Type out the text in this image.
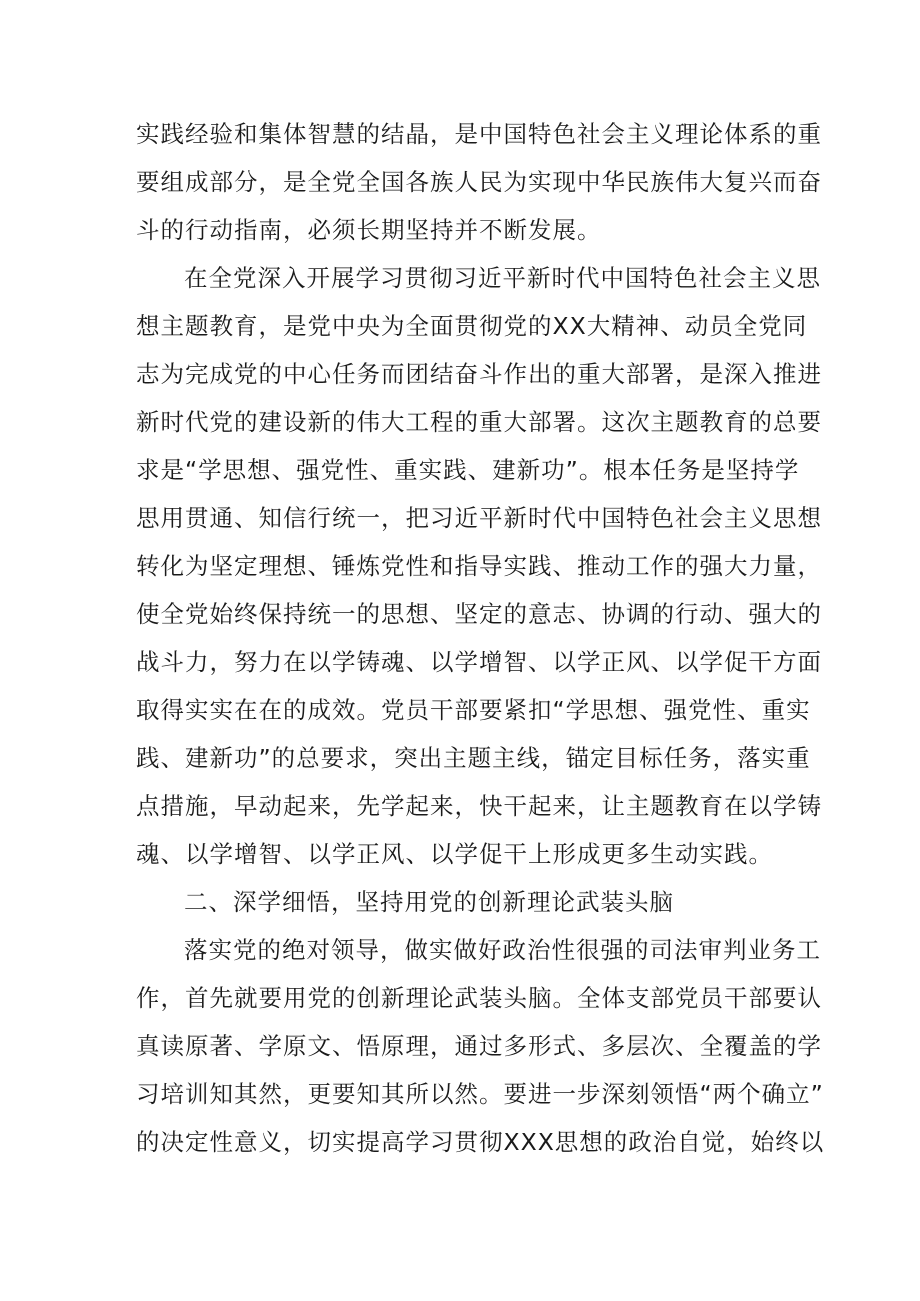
实践经验和集体智慧的结晶，是中国特色社会主义理论体系的重
要组成部分，是全党全国各族人民为实现中华民族伟大复兴而奋
斗的行动指南，必须长期坚持并不断发展。
在全党深入开展学习贯彻习近平新时代中国特色社会主义思
想主题教育，是党中央为全面贯彻党的XX大精神、动员全党同
志为完成党的中心任务而团结奋斗作出的重大部署，是深入推进
新时代党的建设新的伟大工程的重大部署。这次主题教育的总要
求是“学思想、强党性、重实践、建新功”。根本任务是坚持学
思用贯通、知信行统一，把习近平新时代中国特色社会主义思想
转化为坚定理想、锤炼党性和指导实践、推动工作的强大力量，
使全党始终保持统一的思想、坚定的意志、协调的行动、强大的
战斗力，努力在以学铸魂、以学增智、以学正风、以学促干方面
取得实实在在的成效。党员干部要紧扣“学思想、强党性、重实
践、建新功”的总要求，突出主题主线，锚定目标任务，落实重
点措施，早动起来，先学起来，快干起来，让主题教育在以学铸
魂、以学增智、以学正风、以学促干上形成更多生动实践。
二、深学细悟，坚持用党的创新理论武装头脑
落实党的绝对领导，做实做好政治性很强的司法审判业务工
作，首先就要用党的创新理论武装头脑。全体支部党员干部要认
真读原著、学原文、悟原理，通过多形式、多层次、全覆盖的学
习培训知其然，更要知其所以然。要进一步深刻领悟“两个确立”
的决定性意义，切实提高学习贯彻XXX思想的政治自觉，始终以
